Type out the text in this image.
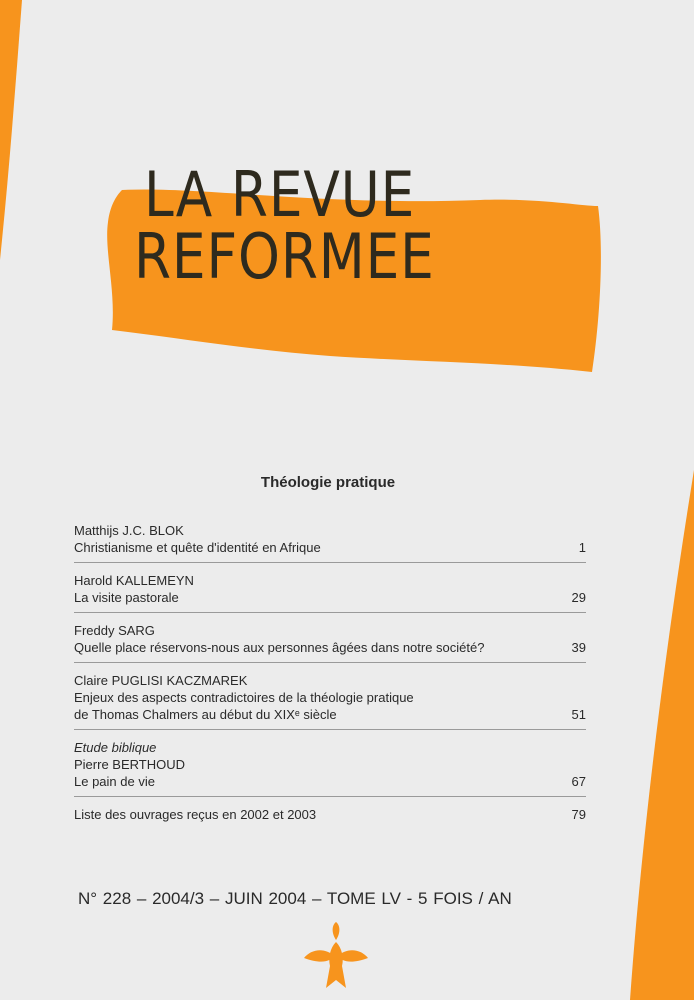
LA REVUE
REFORMEE
Théologie pratique
Matthijs J.C. BLOK
Christianisme et quête d'identité en Afrique	1
Harold KALLEMEYN
La visite pastorale	29
Freddy SARG
Quelle place réservons-nous aux personnes âgées dans notre société?	39
Claire PUGLISI KACZMAREK
Enjeux des aspects contradictoires de la théologie pratique
de Thomas Chalmers au début du XIXᵉ siècle	51
Etude biblique
Pierre BERTHOUD
Le pain de vie	67
Liste des ouvrages reçus en 2002 et 2003	79
N° 228 – 2004/3 – JUIN 2004 – TOME LV - 5 FOIS / AN
